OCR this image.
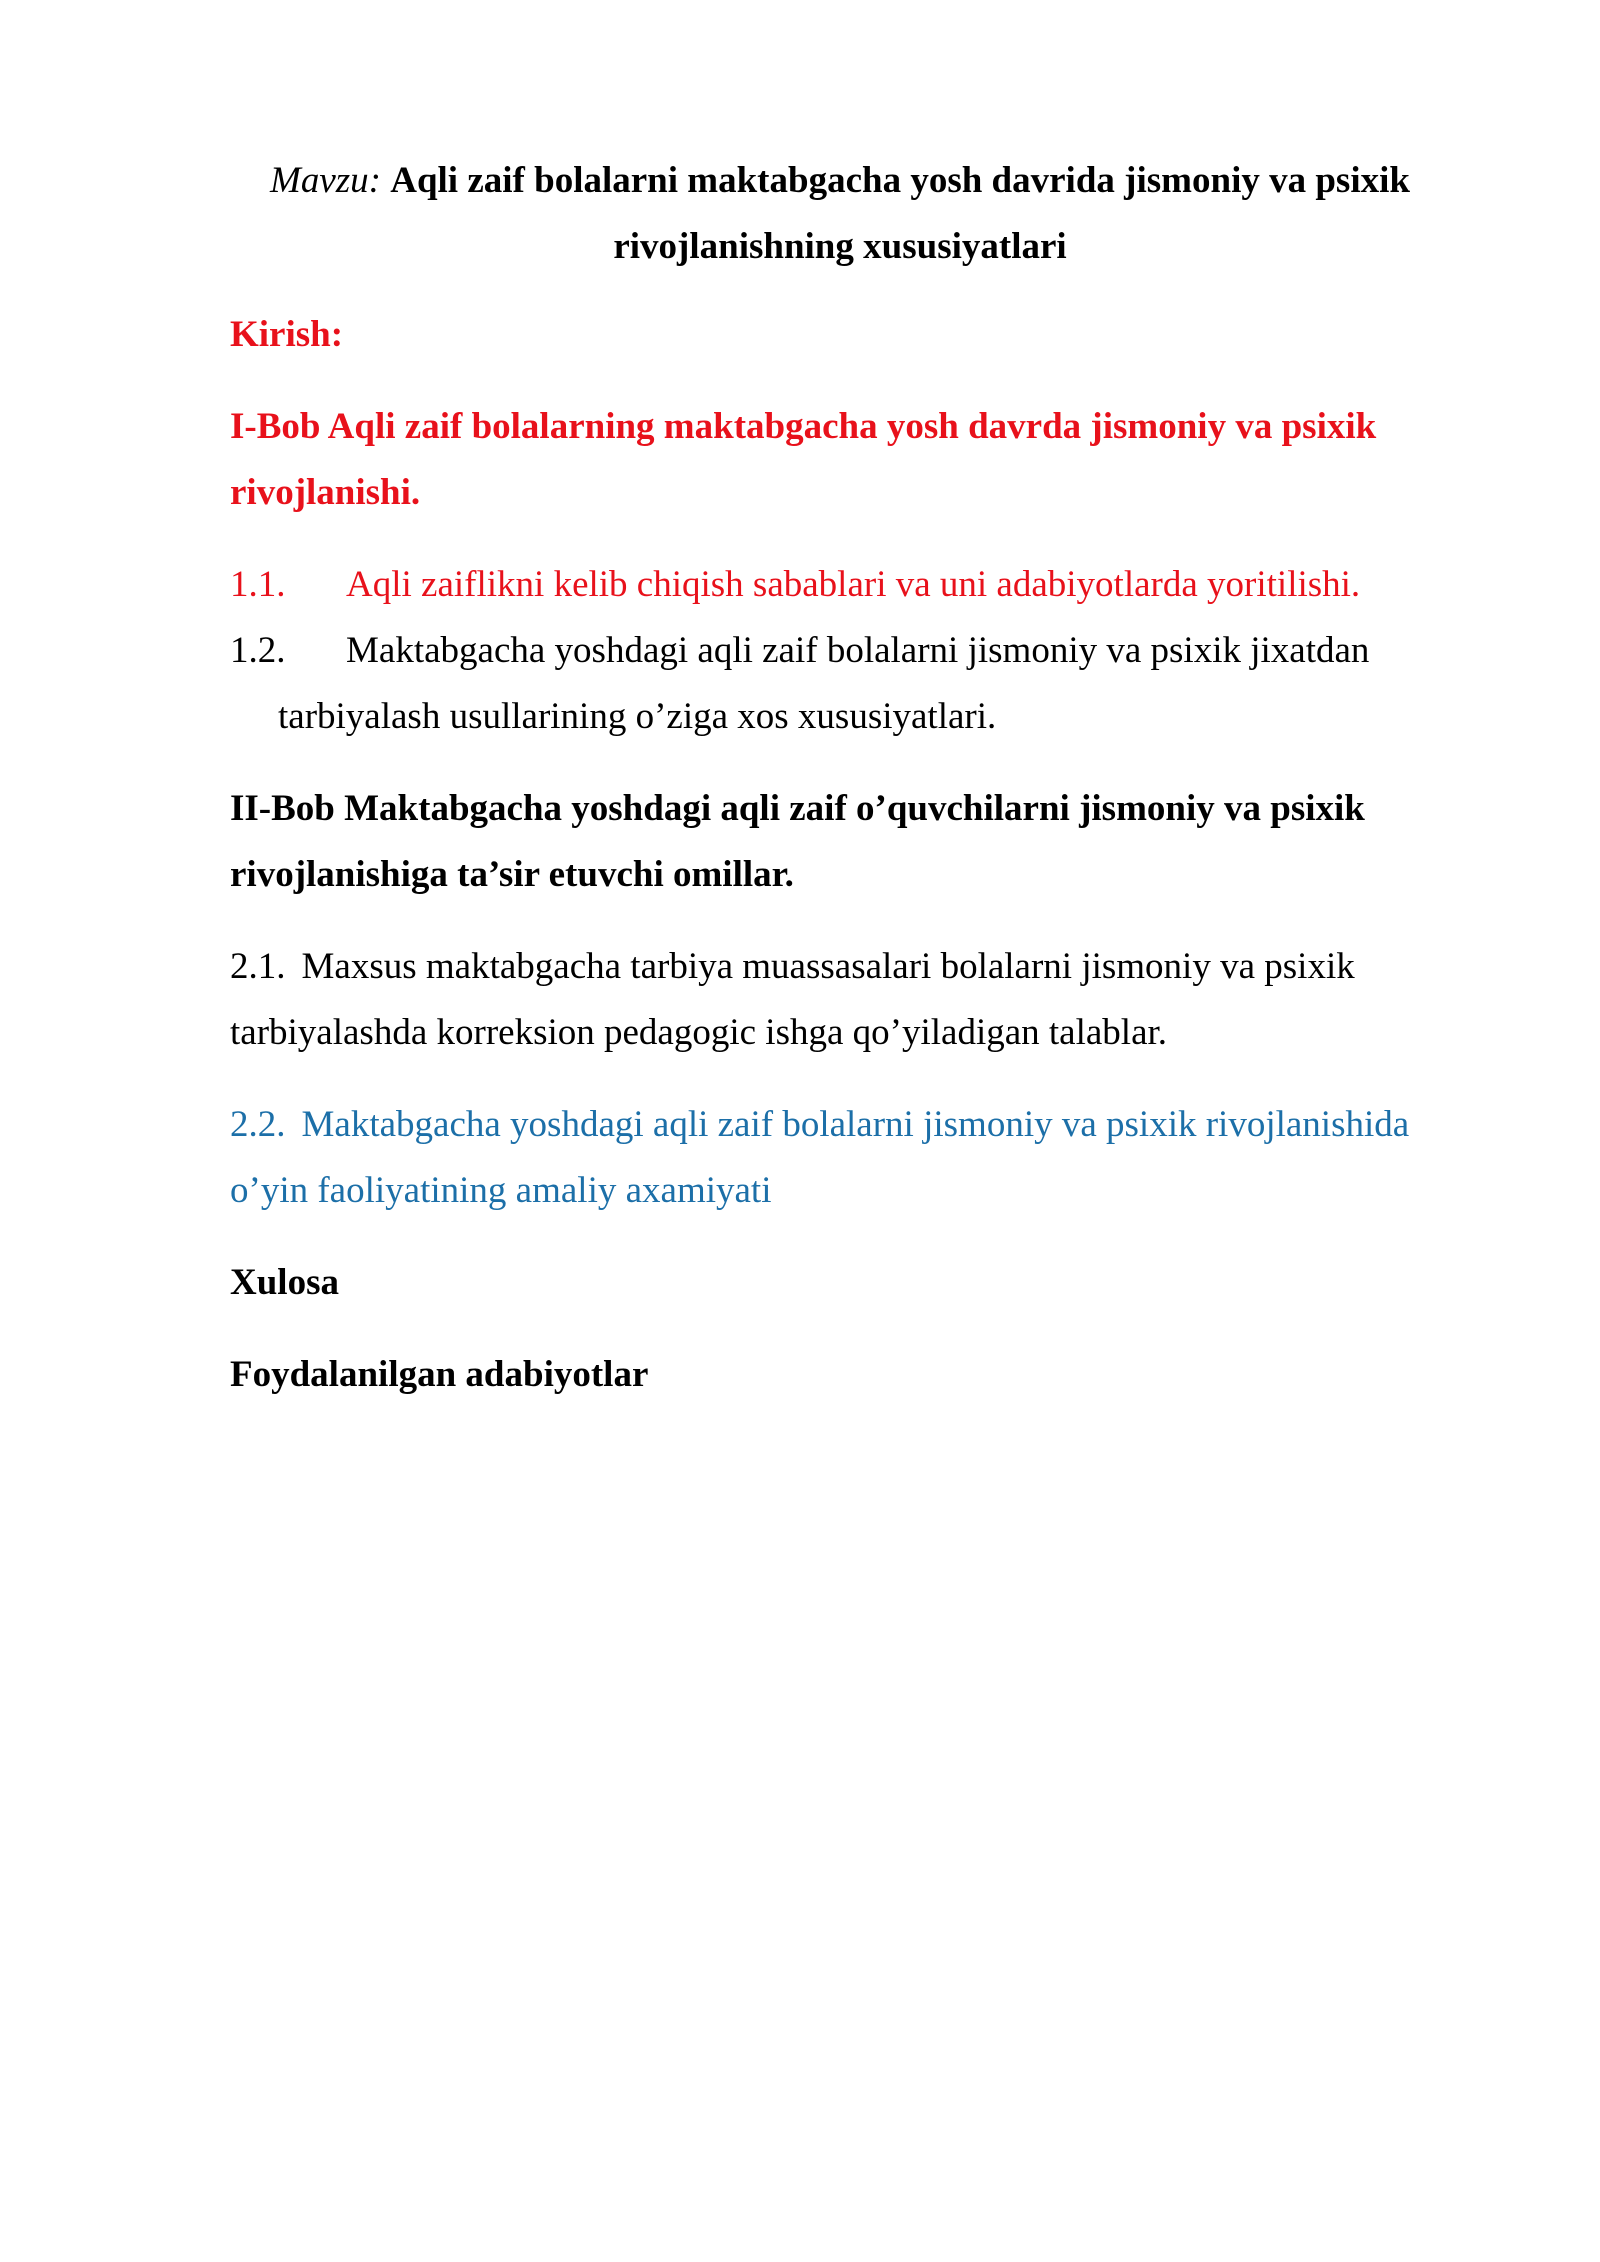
Mavzu: Aqli zaif bolalarni maktabgacha yosh davrida jismoniy va psixik rivojlanishning xususiyatlari

Kirish:

I-Bob Aqli zaif bolalarning maktabgacha yosh davrda jismoniy va psixik rivojlanishi.

1.1. Aqli zaiflikni kelib chiqish sabablari va uni adabiyotlarda yoritilishi.

1.2. Maktabgacha yoshdagi aqli zaif bolalarni jismoniy va psixik jixatdan

tarbiyalash usullarining o’ziga xos xususiyatlari.

II-Bob Maktabgacha yoshdagi aqli zaif o’quvchilarni jismoniy va psixik rivojlanishiga ta’sir etuvchi omillar.

2.1. Maxsus maktabgacha tarbiya muassasalari bolalarni jismoniy va psixik tarbiyalashda korreksion pedagogic ishga qo’yiladigan talablar.

2.2. Maktabgacha yoshdagi aqli zaif bolalarni jismoniy va psixik rivojlanishida o’yin faoliyatining amaliy axamiyati

Xulosa

Foydalanilgan adabiyotlar
